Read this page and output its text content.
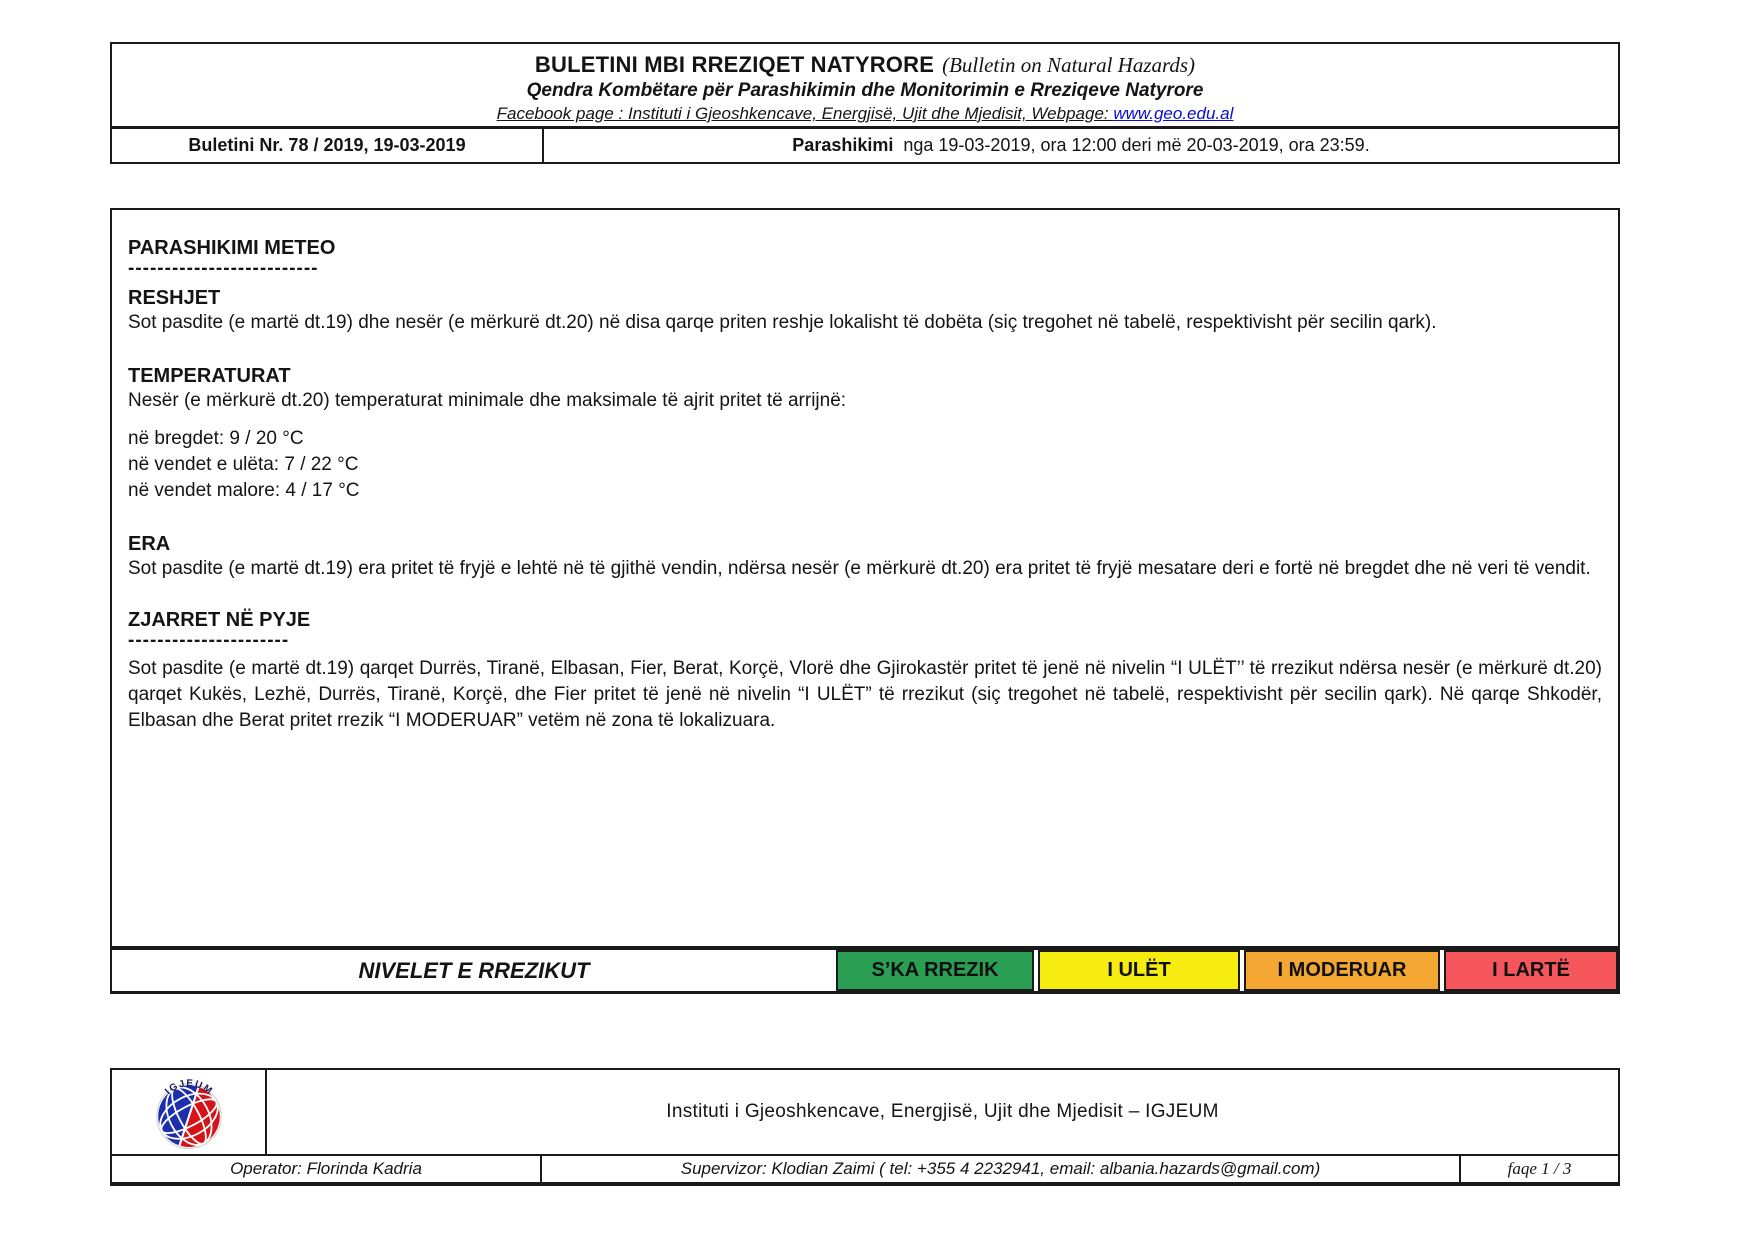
BULETINI MBI RREZIQET NATYRORE (Bulletin on Natural Hazards)
Qendra Kombëtare për Parashikimin dhe Monitorimin e Rreziqeve Natyrore
Facebook page : Instituti i Gjeoshkencave, Energjisë, Ujit dhe Mjedisit, Webpage: www.geo.edu.al
Buletini Nr. 78 / 2019, 19-03-2019	Parashikimi nga 19-03-2019, ora 12:00 deri më 20-03-2019, ora 23:59.
PARASHIKIMI METEO
--------------------------
RESHJET
Sot pasdite (e martë dt.19) dhe nesër (e mërkurë dt.20) në disa qarqe priten reshje lokalisht të dobëta (siç tregohet në tabelë, respektivisht për secilin qark).
TEMPERATURAT
Nesër (e mërkurë dt.20) temperaturat minimale dhe maksimale të ajrit pritet të arrijnë:
në bregdet: 9 / 20 °C
në vendet e ulëta: 7 / 22 °C
në vendet malore: 4 / 17 °C
ERA
Sot pasdite (e martë dt.19) era pritet të fryjë e lehtë në të gjithë vendin, ndërsa nesër (e mërkurë dt.20) era pritet të fryjë mesatare deri e fortë në bregdet dhe në veri të vendit.
ZJARRET NË PYJE
----------------------
Sot pasdite (e martë dt.19) qarqet Durrës, Tiranë, Elbasan, Fier, Berat, Korçë, Vlorë dhe Gjirokastër pritet të jenë në nivelin “I ULËT’’ të rrezikut ndërsa nesër (e mërkurë dt.20) qarqet Kukës, Lezhë, Durrës, Tiranë, Korçë, dhe Fier pritet të jenë në nivelin “I ULËT” të rrezikut (siç tregohet në tabelë, respektivisht për secilin qark). Në qarqe Shkodër, Elbasan dhe Berat pritet rrezik “I MODERUAR” vetëm në zona të lokalizuara.
NIVELET E RREZIKUT	S’KA RREZIK	I ULËT	I MODERUAR	I LARTË
IGJEUM
Instituti i Gjeoshkencave, Energjisë, Ujit dhe Mjedisit – IGJEUM
Operator: Florinda Kadria	Supervizor: Klodian Zaimi ( tel: +355 4 2232941, email: albania.hazards@gmail.com)	faqe 1 / 3
